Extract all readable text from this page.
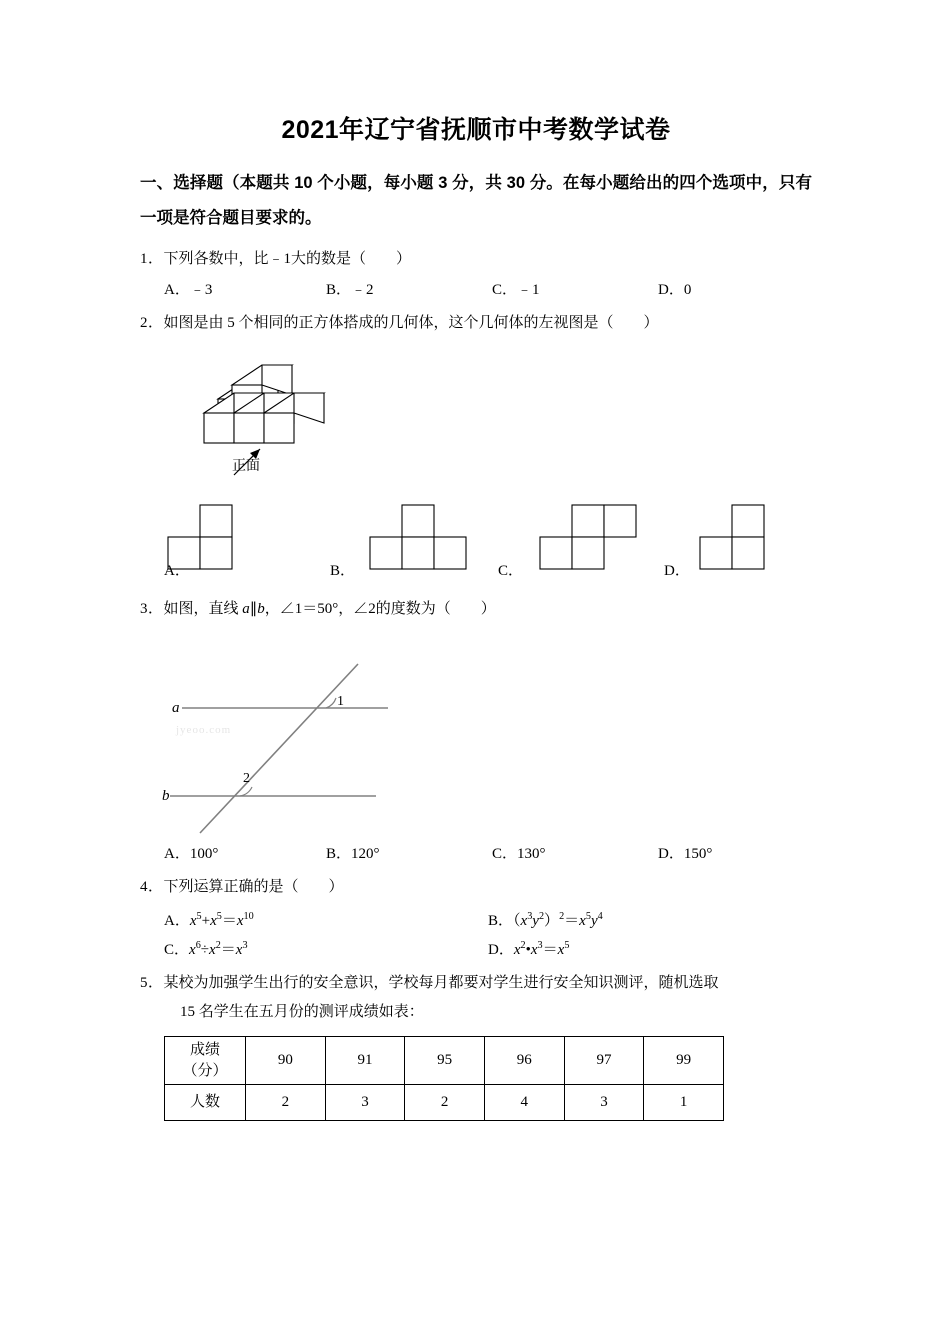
2021年辽宁省抚顺市中考数学试卷
一、选择题（本题共 10 个小题，每小题 3 分，共 30 分。在每小题给出的四个选项中，只有一项是符合题目要求的。
1．下列各数中，比﹣1大的数是（　　）
A．﹣3	B．﹣2	C．﹣1	D．0
2．如图是由 5 个相同的正方体搭成的几何体，这个几何体的左视图是（　　）
正面
A．	B．	C．	D．
3．如图，直线 a∥b，∠1＝50°，∠2的度数为（　　）
a
b
1
2
jyeoo.com
A．100°	B．120°	C．130°	D．150°
4．下列运算正确的是（　　）
A．$x^5+x^5=x^{10}$	B．$(x^3y^2)^2=x^5y^4$
C．$x^6\div x^2=x^3$	D．$x^2•x^3=x^5$
5．某校为加强学生出行的安全意识，学校每月都要对学生进行安全知识测评，随机选取
15 名学生在五月份的测评成绩如表：
成绩
（分）	90	91	95	96	97	99
人数	2	3	2	4	3	1
